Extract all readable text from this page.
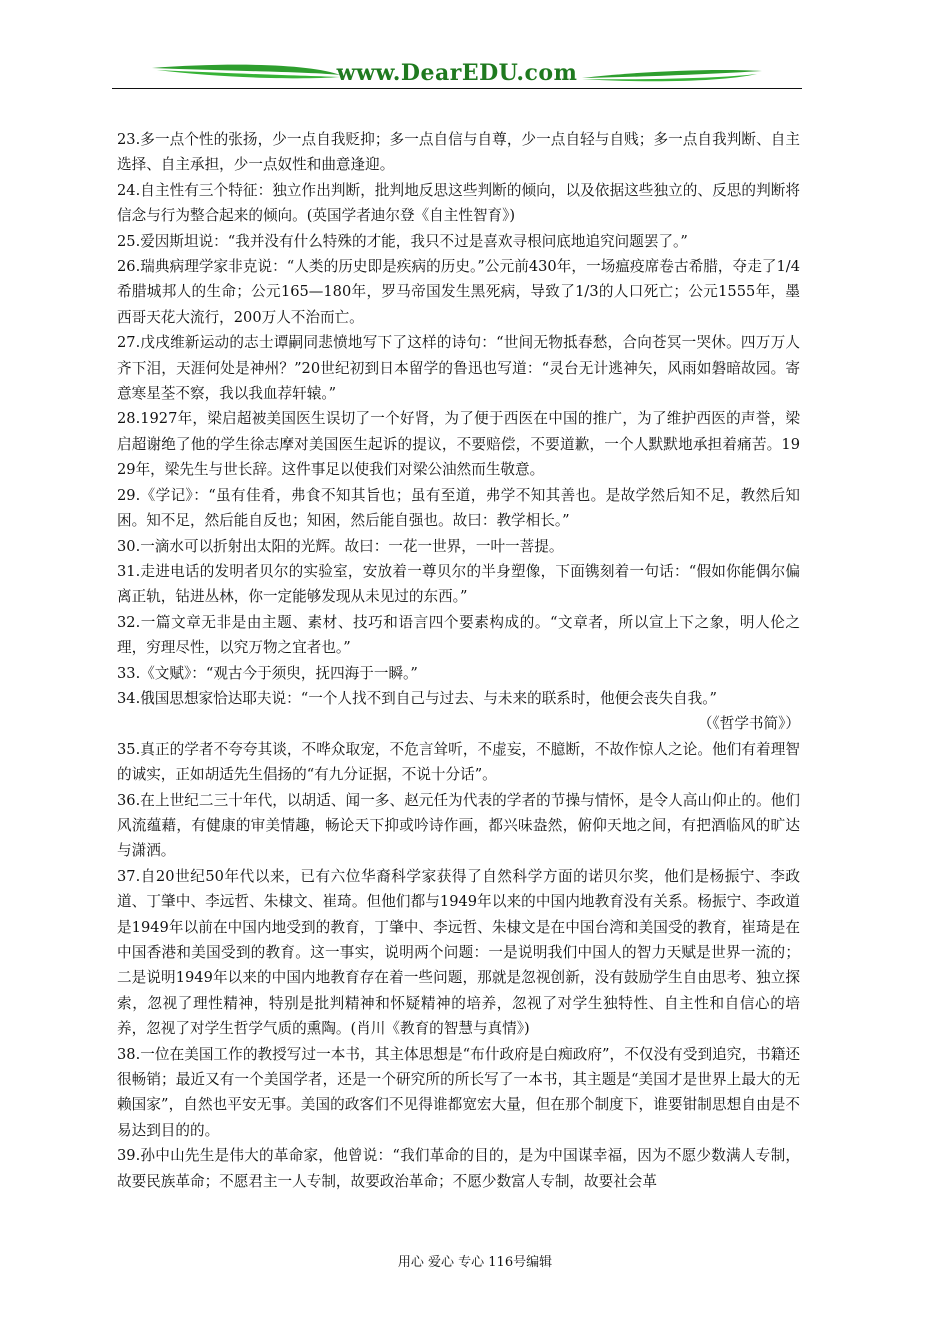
www.DearEDU.com

23.多一点个性的张扬，少一点自我贬抑；多一点自信与自尊，少一点自轻与自贱；多一点自我判断、自主选择、自主承担，少一点奴性和曲意逢迎。

24.自主性有三个特征：独立作出判断，批判地反思这些判断的倾向，以及依据这些独立的、反思的判断将信念与行为整合起来的倾向。(英国学者迪尔登《自主性智育》)

25.爱因斯坦说：“我并没有什么特殊的才能，我只不过是喜欢寻根问底地追究问题罢了。”

26.瑞典病理学家非克说：“人类的历史即是疾病的历史。”公元前430年，一场瘟疫席卷古希腊，夺走了1/4希腊城邦人的生命；公元165—180年，罗马帝国发生黑死病，导致了1/3的人口死亡；公元1555年，墨西哥天花大流行，200万人不治而亡。

27.戊戌维新运动的志士谭嗣同悲愤地写下了这样的诗句：“世间无物抵春愁，合向苍冥一哭休。四万万人齐下泪，天涯何处是神州？”20世纪初到日本留学的鲁迅也写道：“灵台无计逃神矢，风雨如磐暗故园。寄意寒星荃不察，我以我血荐轩辕。”

28.1927年，梁启超被美国医生误切了一个好肾，为了便于西医在中国的推广，为了维护西医的声誉，梁启超谢绝了他的学生徐志摩对美国医生起诉的提议，不要赔偿，不要道歉，一个人默默地承担着痛苦。1929年，梁先生与世长辞。这件事足以使我们对梁公油然而生敬意。

29.《学记》：“虽有佳肴，弗食不知其旨也；虽有至道，弗学不知其善也。是故学然后知不足，教然后知困。知不足，然后能自反也；知困，然后能自强也。故曰：教学相长。”

30.一滴水可以折射出太阳的光辉。故曰：一花一世界，一叶一菩提。

31.走进电话的发明者贝尔的实验室，安放着一尊贝尔的半身塑像，下面镌刻着一句话：“假如你能偶尔偏离正轨，钻进丛林，你一定能够发现从未见过的东西。”

32.一篇文章无非是由主题、素材、技巧和语言四个要素构成的。“文章者，所以宣上下之象，明人伦之理，穷理尽性，以究万物之宜者也。”

33.《文赋》：“观古今于须臾，抚四海于一瞬。”

34.俄国思想家恰达耶夫说：“一个人找不到自己与过去、与未来的联系时，他便会丧失自我。”

（《哲学书简》）

35.真正的学者不夸夸其谈，不哗众取宠，不危言耸听，不虚妄，不臆断，不故作惊人之论。他们有着理智的诚实，正如胡适先生倡扬的“有九分证据，不说十分话”。

36.在上世纪二三十年代，以胡适、闻一多、赵元任为代表的学者的节操与情怀，是令人高山仰止的。他们风流蕴藉，有健康的审美情趣，畅论天下抑或吟诗作画，都兴味盎然，俯仰天地之间，有把酒临风的旷达与潇洒。

37.自20世纪50年代以来，已有六位华裔科学家获得了自然科学方面的诺贝尔奖，他们是杨振宁、李政道、丁肇中、李远哲、朱棣文、崔琦。但他们都与1949年以来的中国内地教育没有关系。杨振宁、李政道是1949年以前在中国内地受到的教育，丁肇中、李远哲、朱棣文是在中国台湾和美国受的教育，崔琦是在中国香港和美国受到的教育。这一事实，说明两个问题：一是说明我们中国人的智力天赋是世界一流的；二是说明1949年以来的中国内地教育存在着一些问题，那就是忽视创新，没有鼓励学生自由思考、独立探索，忽视了理性精神，特别是批判精神和怀疑精神的培养，忽视了对学生独特性、自主性和自信心的培养，忽视了对学生哲学气质的熏陶。(肖川《教育的智慧与真情》)

38.一位在美国工作的教授写过一本书，其主体思想是“布什政府是白痴政府”，不仅没有受到追究，书籍还很畅销；最近又有一个美国学者，还是一个研究所的所长写了一本书，其主题是“美国才是世界上最大的无赖国家”，自然也平安无事。美国的政客们不见得谁都宽宏大量，但在那个制度下，谁要钳制思想自由是不易达到目的的。

39.孙中山先生是伟大的革命家，他曾说：“我们革命的目的，是为中国谋幸福，因为不愿少数满人专制，故要民族革命；不愿君主一人专制，故要政治革命；不愿少数富人专制，故要社会革

用心 爱心 专心 116号编辑
